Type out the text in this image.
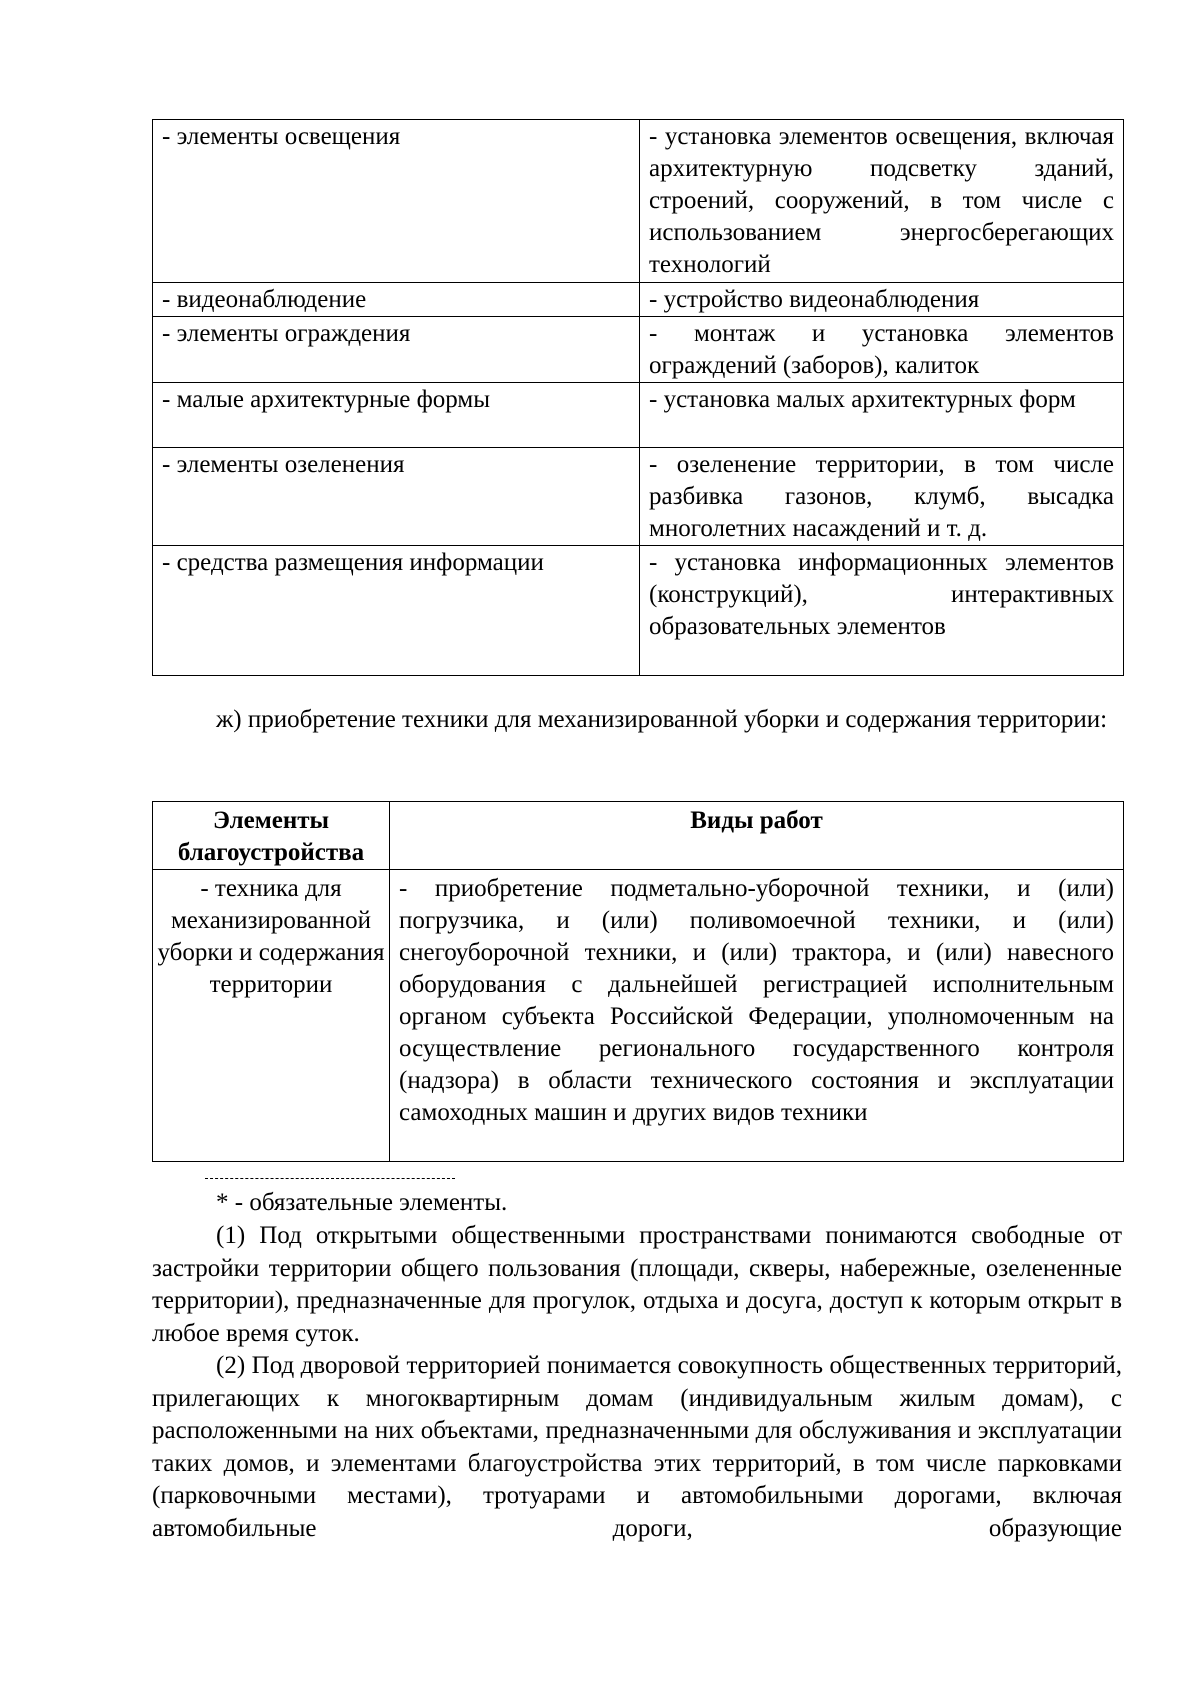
- элементы освещения	- установка элементов освещения, включая архитектурную подсветку зданий, строений, сооружений, в том числе с использованием энергосберегающих технологий
- видеонаблюдение	- устройство видеонаблюдения
- элементы ограждения	- монтаж и установка элементов ограждений (заборов), калиток
- малые архитектурные формы	- установка малых архитектурных форм
- элементы озеленения	- озеленение территории, в том числе разбивка газонов, клумб, высадка многолетних насаждений и т. д.
- средства размещения информации	- установка информационных элементов (конструкций), интерактивных образовательных элементов

ж) приобретение техники для механизированной уборки и содержания территории:

Элементы благоустройства	Виды работ
- техника для механизированной уборки и содержания территории	- приобретение подметально-уборочной техники, и (или) погрузчика, и (или) поливомоечной техники, и (или) снегоуборочной техники, и (или) трактора, и (или) навесного оборудования с дальнейшей регистрацией исполнительным органом субъекта Российской Федерации, уполномоченным на осуществление регионального государственного контроля (надзора) в области технического состояния и эксплуатации самоходных машин и других видов техники

* - обязательные элементы.

(1) Под открытыми общественными пространствами понимаются свободные от застройки территории общего пользования (площади, скверы, набережные, озелененные территории), предназначенные для прогулок, отдыха и досуга, доступ к которым открыт в любое время суток.

(2) Под дворовой территорией понимается совокупность общественных территорий, прилегающих к многоквартирным домам (индивидуальным жилым домам), с расположенными на них объектами, предназначенными для обслуживания и эксплуатации таких домов, и элементами благоустройства этих территорий, в том числе парковками (парковочными местами), тротуарами и автомобильными дорогами, включая автомобильные дороги, образующие
